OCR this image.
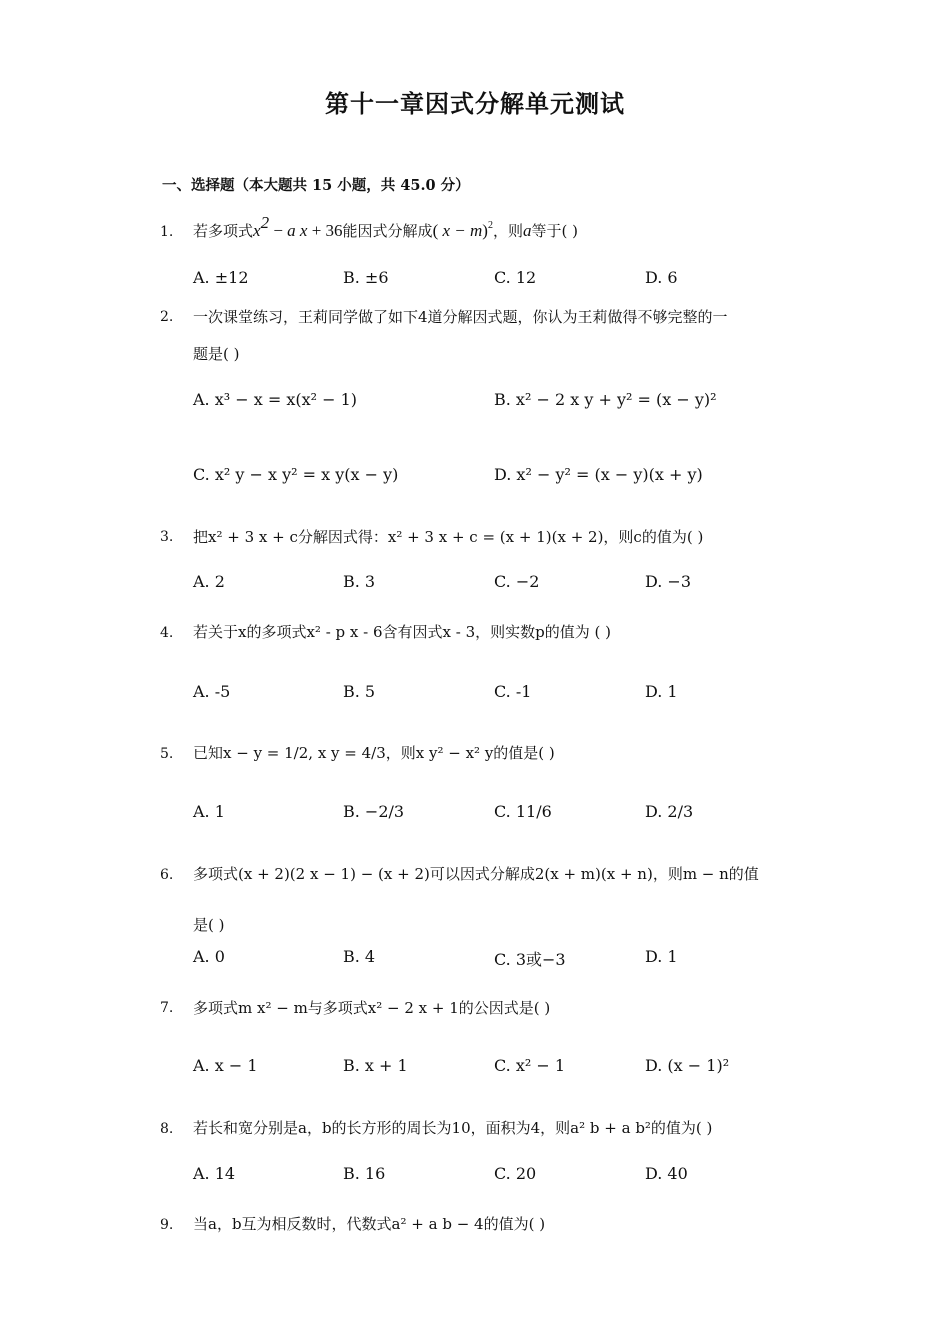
第十一章因式分解单元测试
一、选择题（本大题共 15 小题，共 45.0 分）
1. 若多项式$x^2 - a$ x + 36能因式分解成( x − m)$^2$，则a等于( )
A. ±12	B. ±6	C. 12	D. 6
2. 一次课堂练习，王莉同学做了如下4道分解因式题，你认为王莉做得不够完整的一
题是( )
A. x³ − x = x(x² − 1)	B. x² − 2 x y + y² = (x − y)²
C. x² y − x y² = x y(x − y)	D. x² − y² = (x − y)(x + y)
3. 把x² + 3 x + c分解因式得：x² + 3 x + c = (x + 1)(x + 2)，则c的值为( )
A. 2	B. 3	C. −2	D. −3
4. 若关于x的多项式x² - p x - 6含有因式x - 3，则实数p的值为 ( )
A. -5	B. 5	C. -1	D. 1
5. 已知x − y = 1/2, x y = 4/3，则x y² − x² y的值是( )
A. 1	B. −2/3	C. 11/6	D. 2/3
6. 多项式(x + 2)(2 x − 1) − (x + 2)可以因式分解成2(x + m)(x + n)，则m − n的值
是( )
A. 0	B. 4	C. 3或−3	D. 1
7. 多项式m x² − m与多项式x² − 2 x + 1的公因式是( )
A. x − 1	B. x + 1	C. x² − 1	D. (x − 1)²
8. 若长和宽分别是a，b的长方形的周长为10，面积为4，则a² b + a b²的值为( )
A. 14	B. 16	C. 20	D. 40
9. 当a，b互为相反数时，代数式a² + a b − 4的值为( )
